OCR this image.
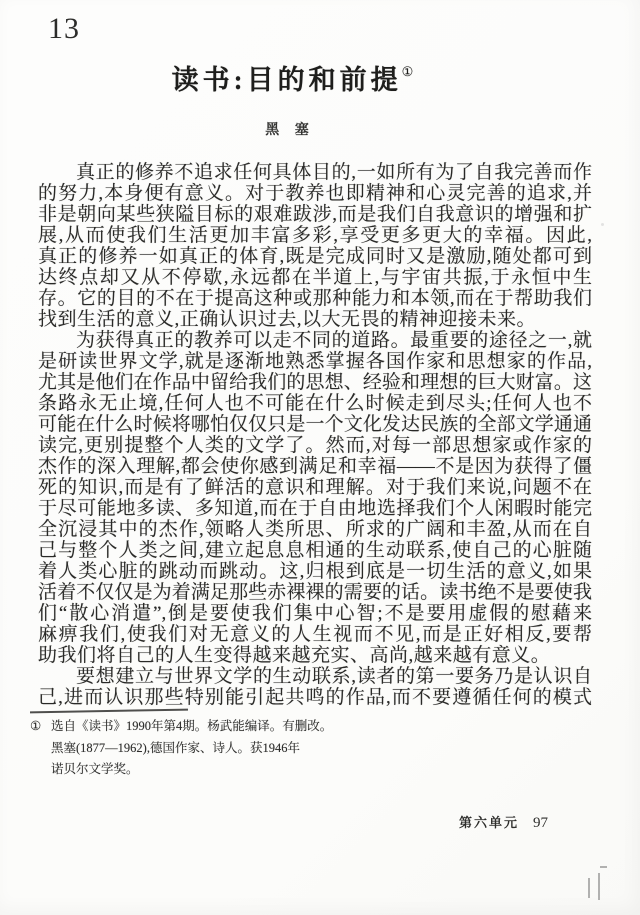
13
读书:目的和前提①
黑 塞
真正的修养不追求任何具体目的,一如所有为了自我完善而作
的努力,本身便有意义。对于教养也即精神和心灵完善的追求,并
非是朝向某些狭隘目标的艰难跋涉,而是我们自我意识的增强和扩
展,从而使我们生活更加丰富多彩,享受更多更大的幸福。因此,
真正的修养一如真正的体育,既是完成同时又是激励,随处都可到
达终点却又从不停歇,永远都在半道上,与宇宙共振,于永恒中生
存。它的目的不在于提高这种或那种能力和本领,而在于帮助我们
找到生活的意义,正确认识过去,以大无畏的精神迎接未来。
为获得真正的教养可以走不同的道路。最重要的途径之一,就
是研读世界文学,就是逐渐地熟悉掌握各国作家和思想家的作品,
尤其是他们在作品中留给我们的思想、经验和理想的巨大财富。这
条路永无止境,任何人也不可能在什么时候走到尽头;任何人也不
可能在什么时候将哪怕仅仅只是一个文化发达民族的全部文学通通
读完,更别提整个人类的文学了。然而,对每一部思想家或作家的
杰作的深入理解,都会使你感到满足和幸福——不是因为获得了僵
死的知识,而是有了鲜活的意识和理解。对于我们来说,问题不在
于尽可能地多读、多知道,而在于自由地选择我们个人闲暇时能完
全沉浸其中的杰作,领略人类所思、所求的广阔和丰盈,从而在自
己与整个人类之间,建立起息息相通的生动联系,使自己的心脏随
着人类心脏的跳动而跳动。这,归根到底是一切生活的意义,如果
活着不仅仅是为着满足那些赤裸裸的需要的话。读书绝不是要使我
们“散心消遣”,倒是要使我们集中心智;不是要用虚假的慰藉来
麻痹我们,使我们对无意义的人生视而不见,而是正好相反,要帮
助我们将自己的人生变得越来越充实、高尚,越来越有意义。
要想建立与世界文学的生动联系,读者的第一要务乃是认识自
己,进而认识那些特别能引起共鸣的作品,而不要遵循任何的模式
① 选自《读书》1990年第4期。杨武能编译。有删改。
黑塞(1877—1962),德国作家、诗人。获1946年
诺贝尔文学奖。
第六单元 97
